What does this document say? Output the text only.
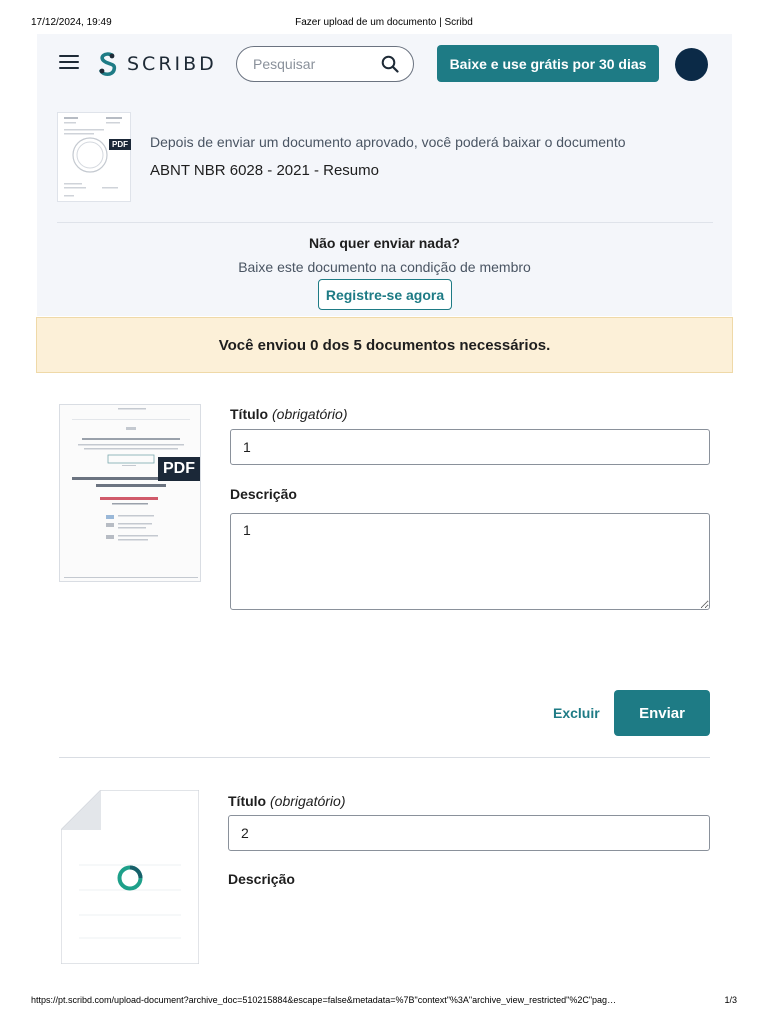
17/12/2024, 19:49	Fazer upload de um documento | Scribd
SCRIBD
Pesquisar	Baixe e use grátis por 30 dias
PDF Depois de enviar um documento aprovado, você poderá baixar o documento
ABNT NBR 6028 - 2021 - Resumo
Não quer enviar nada?
Baixe este documento na condição de membro
Registre-se agora
Você enviou 0 dos 5 documentos necessários.
PDF
Título (obrigatório)
1
Descrição
1
Excluir	Enviar
Título (obrigatório)
2
Descrição
https://pt.scribd.com/upload-document?archive_doc=510215884&escape=false&metadata=%7B"context"%3A"archive_view_restricted"%2C"pag…	1/3
